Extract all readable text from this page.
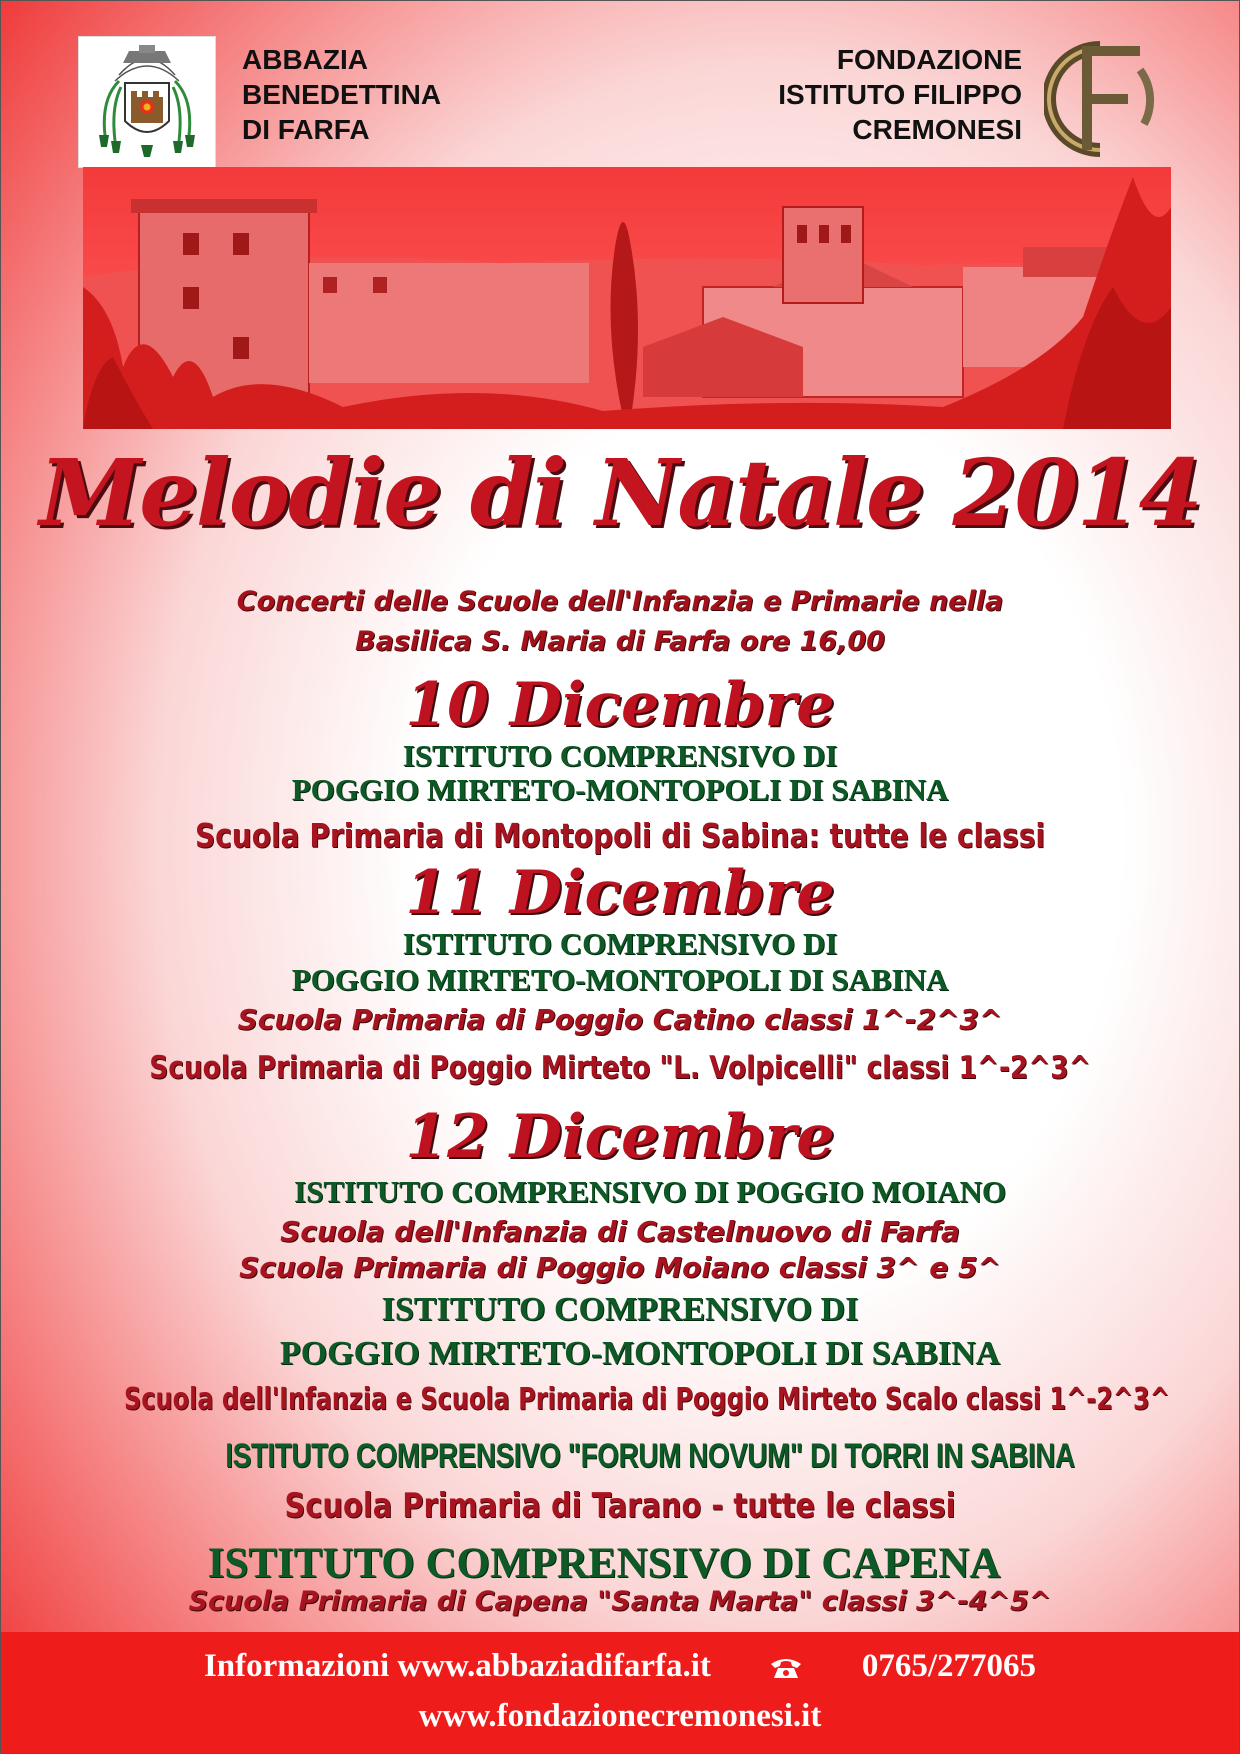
ABBAZIA
BENEDETTINA
DI FARFA
FONDAZIONE
ISTITUTO FILIPPO
CREMONESI
Melodie di Natale 2014
Concerti delle Scuole dell'Infanzia e Primarie nella
Basilica S. Maria di Farfa ore 16,00
10 Dicembre
ISTITUTO COMPRENSIVO DI
POGGIO MIRTETO-MONTOPOLI DI SABINA
Scuola Primaria di Montopoli di Sabina: tutte le classi
11 Dicembre
ISTITUTO COMPRENSIVO DI
POGGIO MIRTETO-MONTOPOLI DI SABINA
Scuola Primaria di Poggio Catino classi 1^-2^3^
Scuola Primaria di Poggio Mirteto "L. Volpicelli" classi 1^-2^3^
12 Dicembre
ISTITUTO COMPRENSIVO DI POGGIO MOIANO
Scuola dell'Infanzia di Castelnuovo di Farfa
Scuola Primaria di Poggio Moiano classi 3^ e 5^
ISTITUTO COMPRENSIVO DI
POGGIO MIRTETO-MONTOPOLI DI SABINA
Scuola dell'Infanzia e Scuola Primaria di Poggio Mirteto Scalo classi 1^-2^3^
ISTITUTO COMPRENSIVO "FORUM NOVUM" DI TORRI IN SABINA
Scuola Primaria di Tarano - tutte le classi
ISTITUTO COMPRENSIVO DI CAPENA
Scuola Primaria di Capena "Santa Marta" classi 3^-4^5^
Informazioni www.abbaziadifarfa.it	0765/277065
www.fondazionecremonesi.it
